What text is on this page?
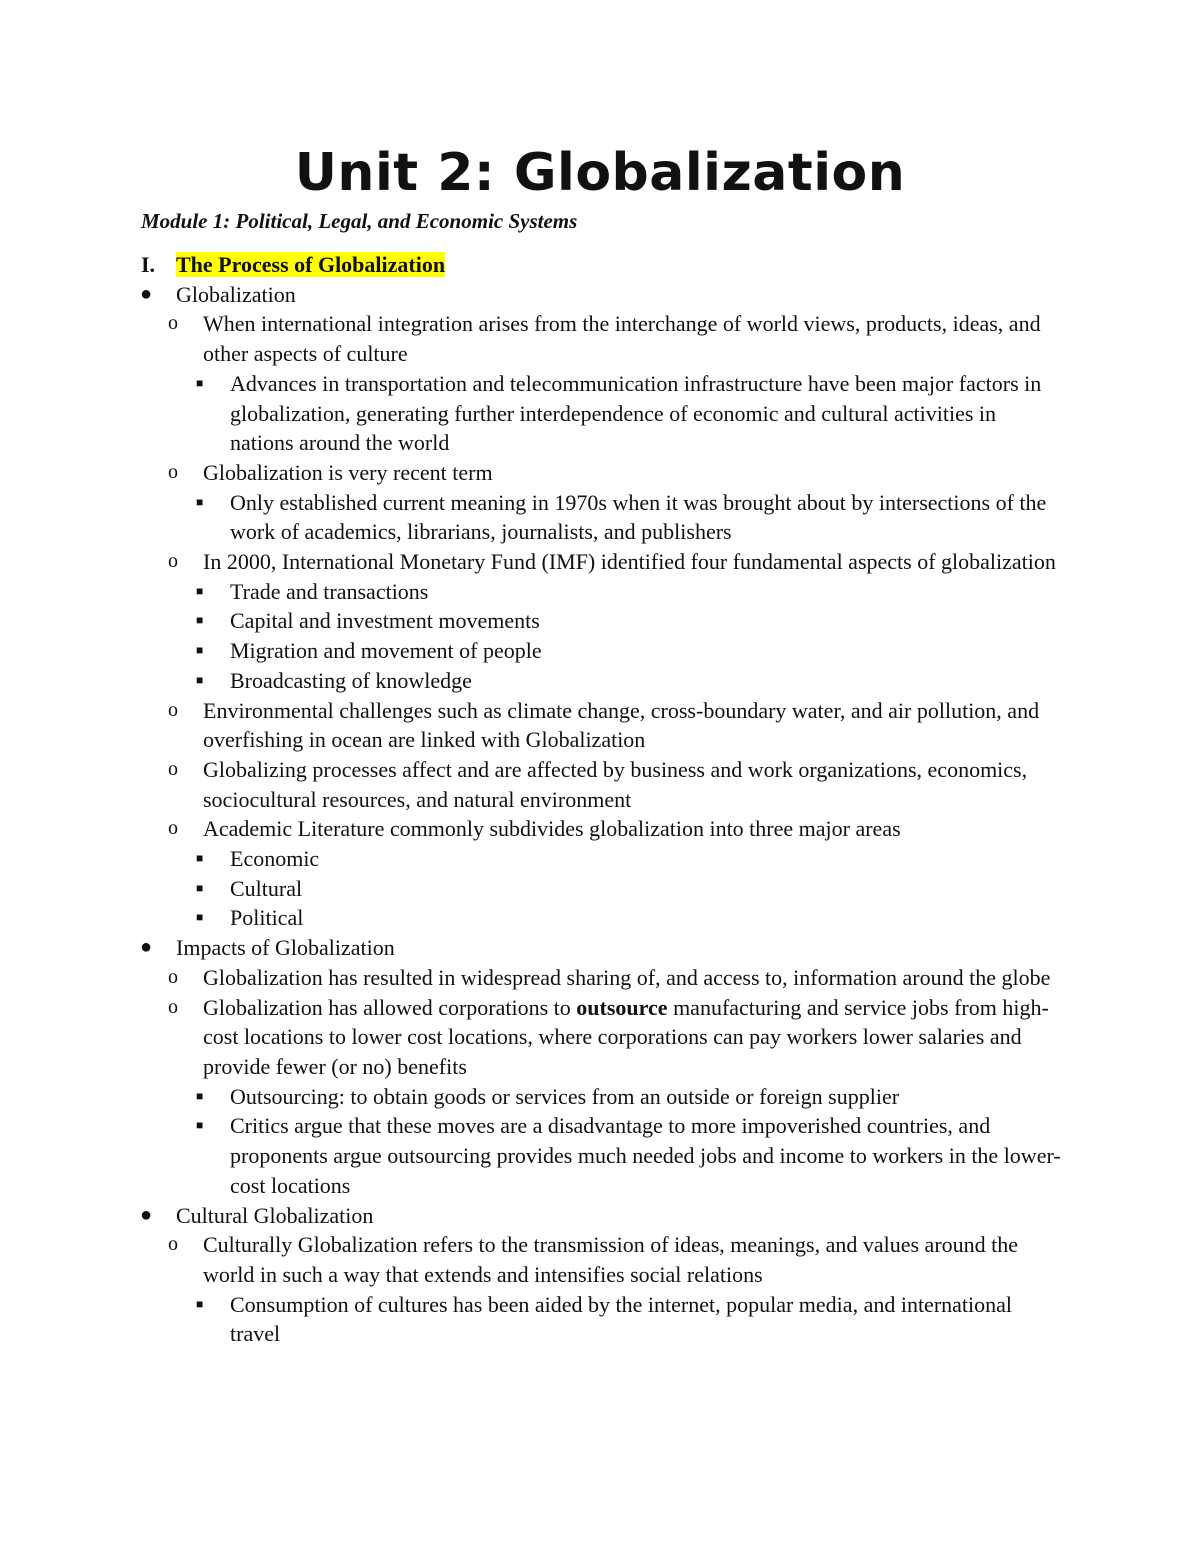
Unit 2: Globalization
Module 1: Political, Legal, and Economic Systems
I. The Process of Globalization
● Globalization
o When international integration arises from the interchange of world views, products, ideas, and other aspects of culture
■ Advances in transportation and telecommunication infrastructure have been major factors in globalization, generating further interdependence of economic and cultural activities in nations around the world
o Globalization is very recent term
■ Only established current meaning in 1970s when it was brought about by intersections of the work of academics, librarians, journalists, and publishers
o In 2000, International Monetary Fund (IMF) identified four fundamental aspects of globalization
■ Trade and transactions
■ Capital and investment movements
■ Migration and movement of people
■ Broadcasting of knowledge
o Environmental challenges such as climate change, cross-boundary water, and air pollution, and overfishing in ocean are linked with Globalization
o Globalizing processes affect and are affected by business and work organizations, economics, sociocultural resources, and natural environment
o Academic Literature commonly subdivides globalization into three major areas
■ Economic
■ Cultural
■ Political
● Impacts of Globalization
o Globalization has resulted in widespread sharing of, and access to, information around the globe
o Globalization has allowed corporations to outsource manufacturing and service jobs from high-cost locations to lower cost locations, where corporations can pay workers lower salaries and provide fewer (or no) benefits
■ Outsourcing: to obtain goods or services from an outside or foreign supplier
■ Critics argue that these moves are a disadvantage to more impoverished countries, and proponents argue outsourcing provides much needed jobs and income to workers in the lower-cost locations
● Cultural Globalization
o Culturally Globalization refers to the transmission of ideas, meanings, and values around the world in such a way that extends and intensifies social relations
■ Consumption of cultures has been aided by the internet, popular media, and international travel
